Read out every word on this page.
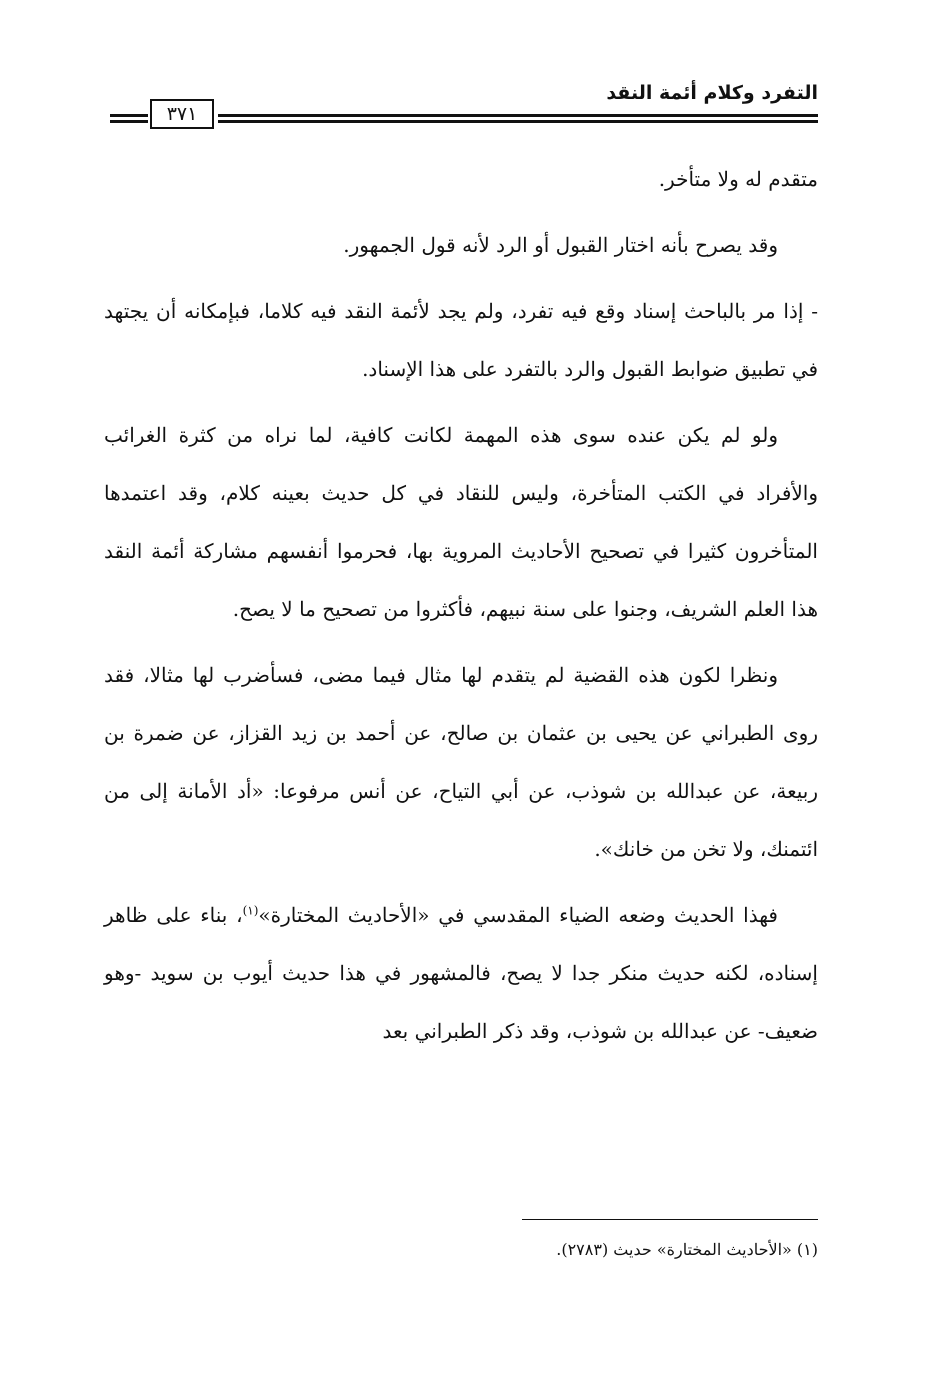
التفرد وكلام أئمة النقد
٣٧١

متقدم له ولا متأخر.

وقد يصرح بأنه اختار القبول أو الرد لأنه قول الجمهور.

- إذا مر بالباحث إسناد وقع فيه تفرد، ولم يجد لأئمة النقد فيه كلاما، فبإمكانه أن يجتهد في تطبيق ضوابط القبول والرد بالتفرد على هذا الإسناد.

ولو لم يكن عنده سوى هذه المهمة لكانت كافية، لما نراه من كثرة الغرائب والأفراد في الكتب المتأخرة، وليس للنقاد في كل حديث بعينه كلام، وقد اعتمدها المتأخرون كثيرا في تصحيح الأحاديث المروية بها، فحرموا أنفسهم مشاركة أئمة النقد هذا العلم الشريف، وجنوا على سنة نبيهم، فأكثروا من تصحيح ما لا يصح.

ونظرا لكون هذه القضية لم يتقدم لها مثال فيما مضى، فسأضرب لها مثالا، فقد روى الطبراني عن يحيى بن عثمان بن صالح، عن أحمد بن زيد القزاز، عن ضمرة بن ربيعة، عن عبدالله بن شوذب، عن أبي التياح، عن أنس مرفوعا: «أد الأمانة إلى من ائتمنك، ولا تخن من خانك».

فهذا الحديث وضعه الضياء المقدسي في «الأحاديث المختارة»$^{(١)}$، بناء على ظاهر إسناده، لكنه حديث منكر جدا لا يصح، فالمشهور في هذا حديث أيوب بن سويد -وهو ضعيف- عن عبدالله بن شوذب، وقد ذكر الطبراني بعد

(١) «الأحاديث المختارة» حديث (٢٧٨٣).
